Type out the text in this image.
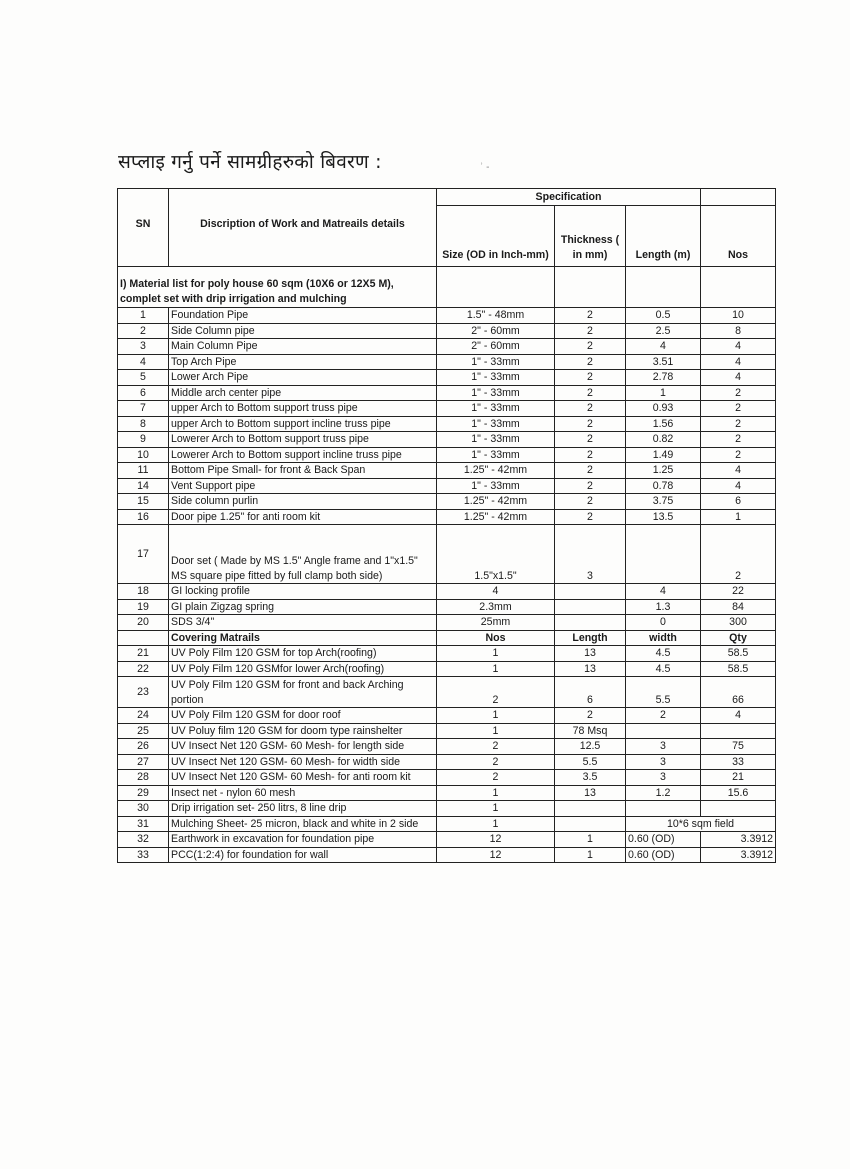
सप्लाइ गर्नु पर्ने सामग्रीहरुको बिवरण :	ʾ -
SN	Discription of Work and Matreails details	Specification			
		Size (OD in Inch-mm)	Thickness ( in mm)	Length (m)	Nos
I) Material list for poly house 60 sqm (10X6 or 12X5 M), complet set with drip irrigation and mulching					
1	Foundation Pipe	1.5" - 48mm	2	0.5	10
2	Side Column pipe	2" - 60mm	2	2.5	8
3	Main Column Pipe	2" - 60mm	2	4	4
4	Top Arch Pipe	1" - 33mm	2	3.51	4
5	Lower Arch Pipe	1" - 33mm	2	2.78	4
6	Middle arch center pipe	1" - 33mm	2	1	2
7	upper Arch to Bottom support truss pipe	1" - 33mm	2	0.93	2
8	upper Arch to Bottom support incline truss pipe	1" - 33mm	2	1.56	2
9	Lowerer Arch to Bottom support truss pipe	1" - 33mm	2	0.82	2
10	Lowerer Arch to Bottom support incline truss pipe	1" - 33mm	2	1.49	2
11	Bottom Pipe Small- for front & Back Span	1.25" - 42mm	2	1.25	4
14	Vent Support pipe	1" - 33mm	2	0.78	4
15	Side column purlin	1.25" - 42mm	2	3.75	6
16	Door pipe 1.25" for anti room kit	1.25" - 42mm	2	13.5	1
17	Door set ( Made by MS 1.5" Angle frame and 1"x1.5" MS square pipe fitted by full clamp both side)	1.5"x1.5"	3		2
18	GI locking profile	4		4	22
19	GI plain Zigzag spring	2.3mm		1.3	84
20	SDS 3/4"	25mm		0	300
	Covering Matrails	Nos	Length	width	Qty
21	UV Poly Film 120 GSM for top Arch(roofing)	1	13	4.5	58.5
22	UV Poly Film 120 GSMfor lower Arch(roofing)	1	13	4.5	58.5
23	UV Poly Film 120 GSM for front and back Arching portion	2	6	5.5	66
24	UV Poly Film 120 GSM for door roof	1	2	2	4
25	UV Poluy film 120 GSM for doom type rainshelter	1	78 Msq		
26	UV Insect Net 120 GSM- 60 Mesh- for length side	2	12.5	3	75
27	UV Insect Net 120 GSM- 60 Mesh- for width side	2	5.5	3	33
28	UV Insect Net 120 GSM- 60 Mesh- for anti room kit	2	3.5	3	21
29	Insect net - nylon 60 mesh	1	13	1.2	15.6
30	Drip irrigation set- 250 litrs, 8 line drip	1			
31	Mulching Sheet- 25 micron, black and white in 2 side	1		10*6 sqm field	
32	Earthwork in excavation for foundation pipe	12	1	0.60 (OD)	3.3912
33	PCC(1:2:4) for foundation for wall	12	1	0.60 (OD)	3.3912
